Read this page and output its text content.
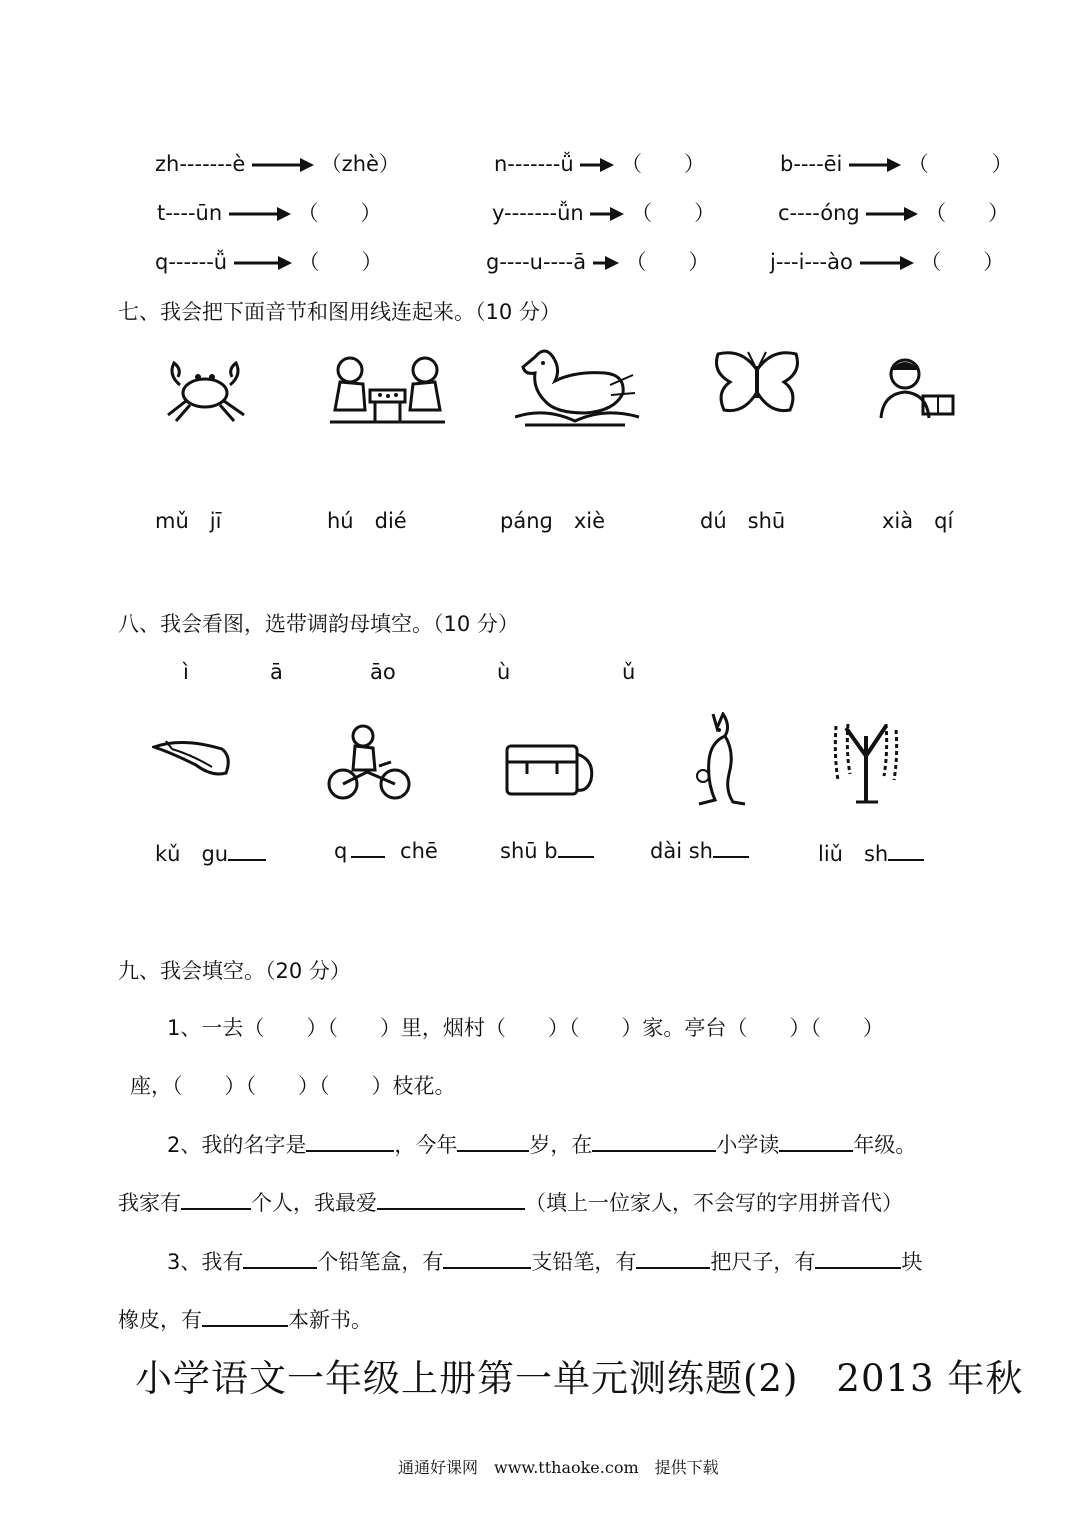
zh-------è	（zhè）	n-------ǚ （　　）	b----ēi	（　　　）
t----ūn	（　　）	y-------ǚn （　　）	c----óng	（　　）
q------ǚ	（　　）	g----u----ā （　　）	j---i---ào	（　　）
七、我会把下面音节和图用线连起来。（10 分）
mǔ　jī	hú　dié	pánɡ　xiè	dú　shū	xià　qí
八、我会看图，选带调韵母填空。（10 分）
ì	ā	āo	ù	ǔ
kǔ　gu	q	chē	shū b	dài sh	liǔ　sh
九、我会填空。（20 分）
1、一去（　　）（　　）里，烟村（　　）（　　）家。亭台（　　）（　　）
座，（　　）（　　）（　　）枝花。
2、我的名字是	，今年	岁，在	小学读	年级。
我家有	个人，我最爱	（填上一位家人，不会写的字用拼音代）
3、我有	个铅笔盒，有	支铅笔，有	把尺子，有	块
橡皮，有	本新书。
小学语文一年级上册第一单元测练题(2)　2013 年秋
通通好课网　www.tthaoke.com　提供下载
